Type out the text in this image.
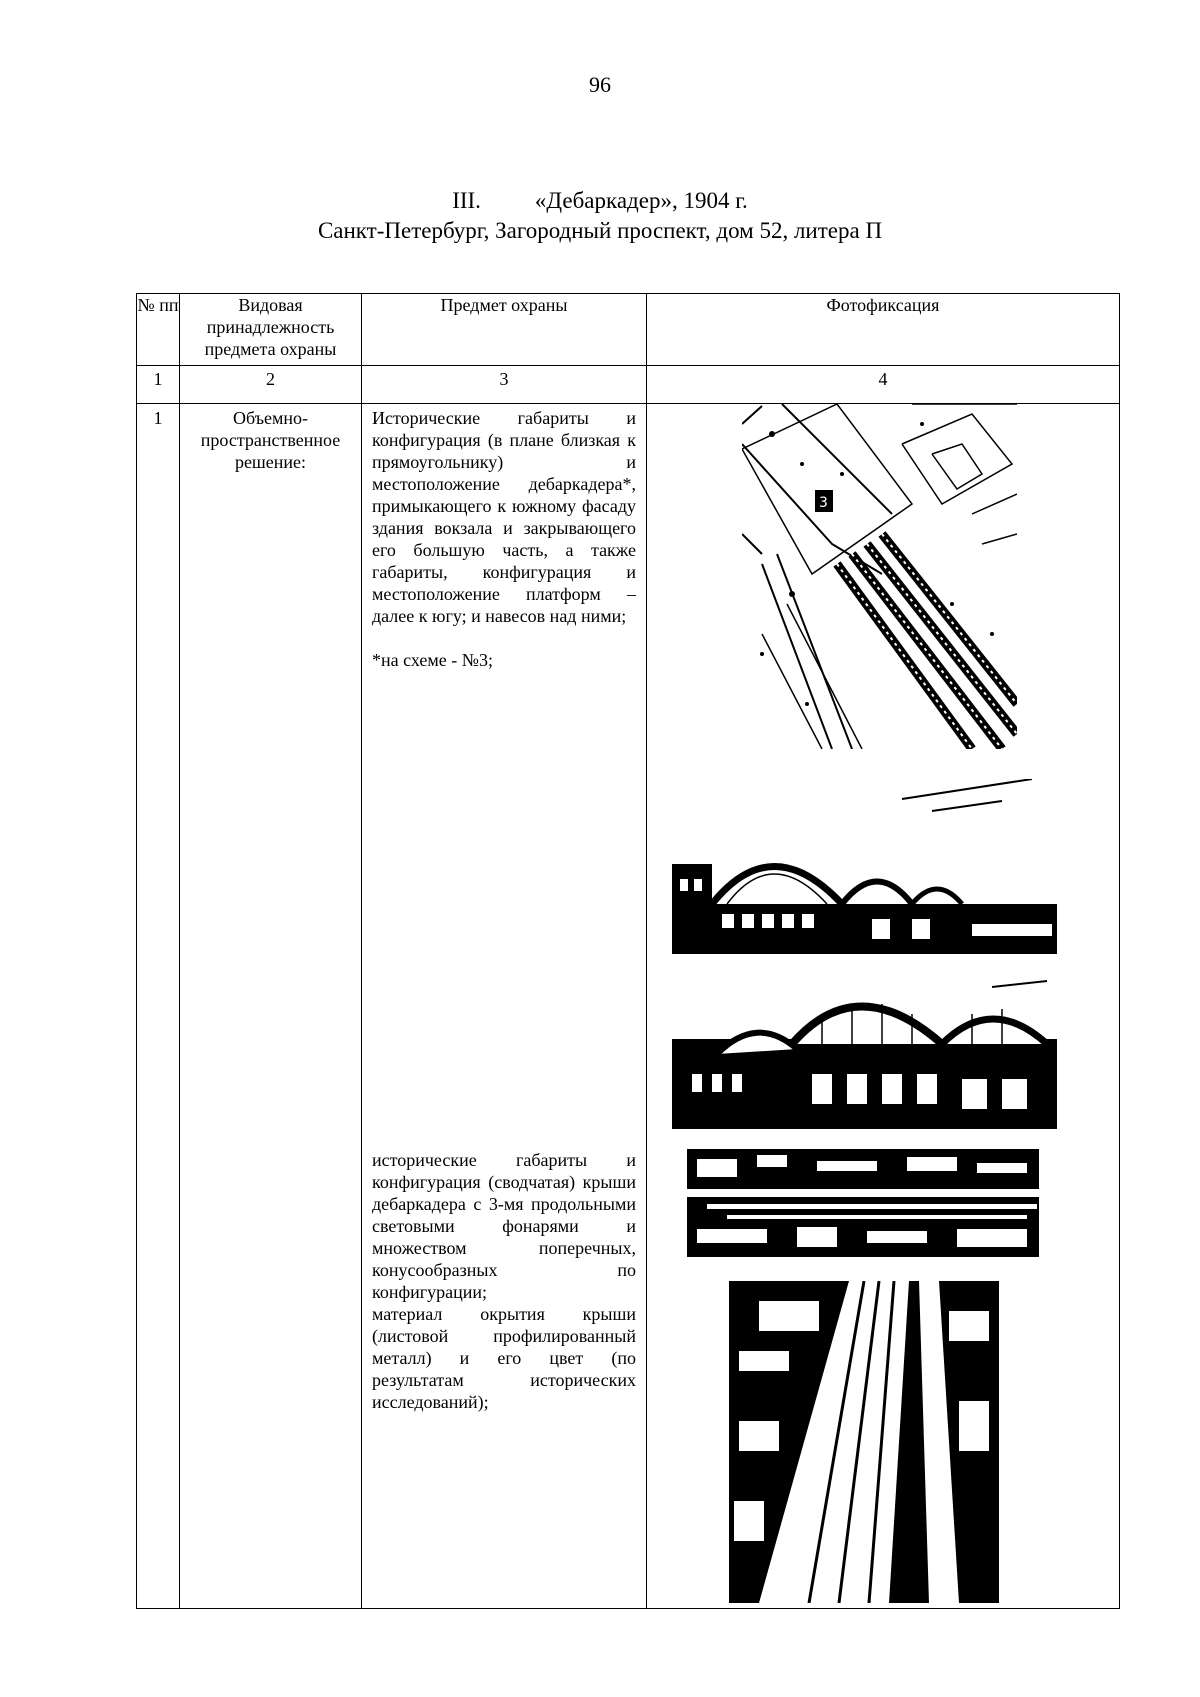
96
III. «Дебаркадер», 1904 г.
Санкт-Петербург, Загородный проспект, дом 52, литера П
№ пп	Видовая принадлежность предмета охраны	Предмет охраны	Фотофиксация
1	2	3	4
1	Объемно-пространственное решение:	Исторические габариты и конфигурация (в плане близкая к прямоугольнику) и местоположение дебаркадера*, примыкающего к южному фасаду здания вокзала и закрывающего его большую часть, а также габариты, конфигурация и местоположение платформ – далее к югу; и навесов над ними;

*на схеме - №3;

исторические габариты и конфигурация (сводчатая) крыши дебаркадера с 3-мя продольными световыми фонарями и множеством поперечных, конусообразных по конфигурации;

материал окрытия крыши (листовой профилированный металл) и его цвет (по результатам исторических исследований);	3
